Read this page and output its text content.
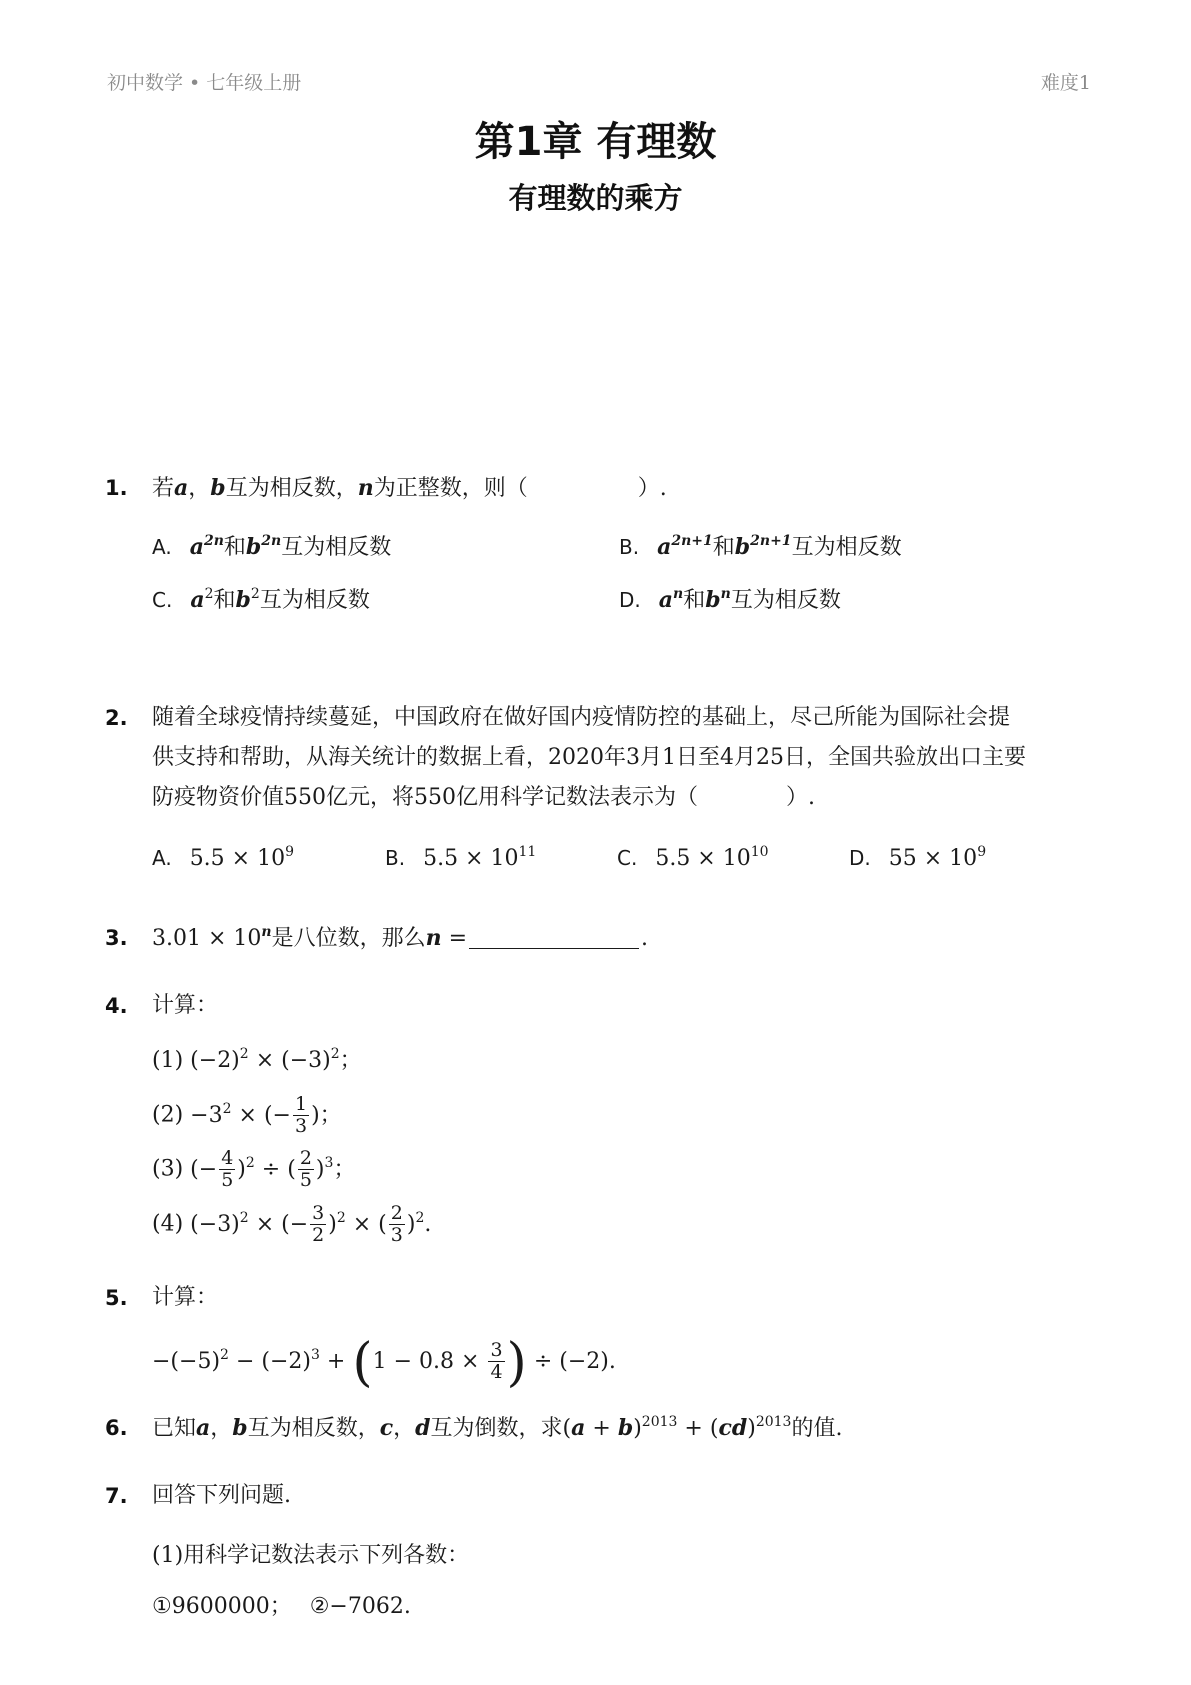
初中数学 • 七年级上册	难度1
第1章 有理数
有理数的乘方
1. 若a，b互为相反数，n为正整数，则（	）.
A. $a^{2n}$和$b^{2n}$互为相反数	B. $a^{2n+1}$和$b^{2n+1}$互为相反数
C. $a^2$和$b^2$互为相反数	D. $a^n$和$b^n$互为相反数
2. 随着全球疫情持续蔓延，中国政府在做好国内疫情防控的基础上，尽己所能为国际社会提
供支持和帮助，从海关统计的数据上看，2020年3月1日至4月25日，全国共验放出口主要
防疫物资价值550亿元，将550亿用科学记数法表示为（　　　　）.
A. $5.5 \times 10^9$	B. $5.5 \times 10^{11}$	C. $5.5 \times 10^{10}$	D. $55 \times 10^9$
3. $3.01 \times 10^n$是八位数，那么n =	.
4. 计算：
(1) $(-2)^2 \times (-3)^2$；
$(2) -3^2$ × (− $\frac{1}{3}$ )；
(3) (− $\frac{4}{5} )^2$ ÷ ( $\frac{2}{5} )^3$；
(4) $(-3)^2$ × (− $\frac{3}{2} )^2$ × ( $\frac{2}{3} )^2$.
5. 计算：
$-(-5)^2 - (-2)^3 + (1 - 0.8 \times \frac{3}{4}$ ) ÷ (−2).
6. 已知a，b互为相反数，c，d互为倒数，求$(a + b)^{2013} + (cd)^{2013}$的值.
7. 回答下列问题.
(1)用科学记数法表示下列各数：
①9600000； ②−7062.
